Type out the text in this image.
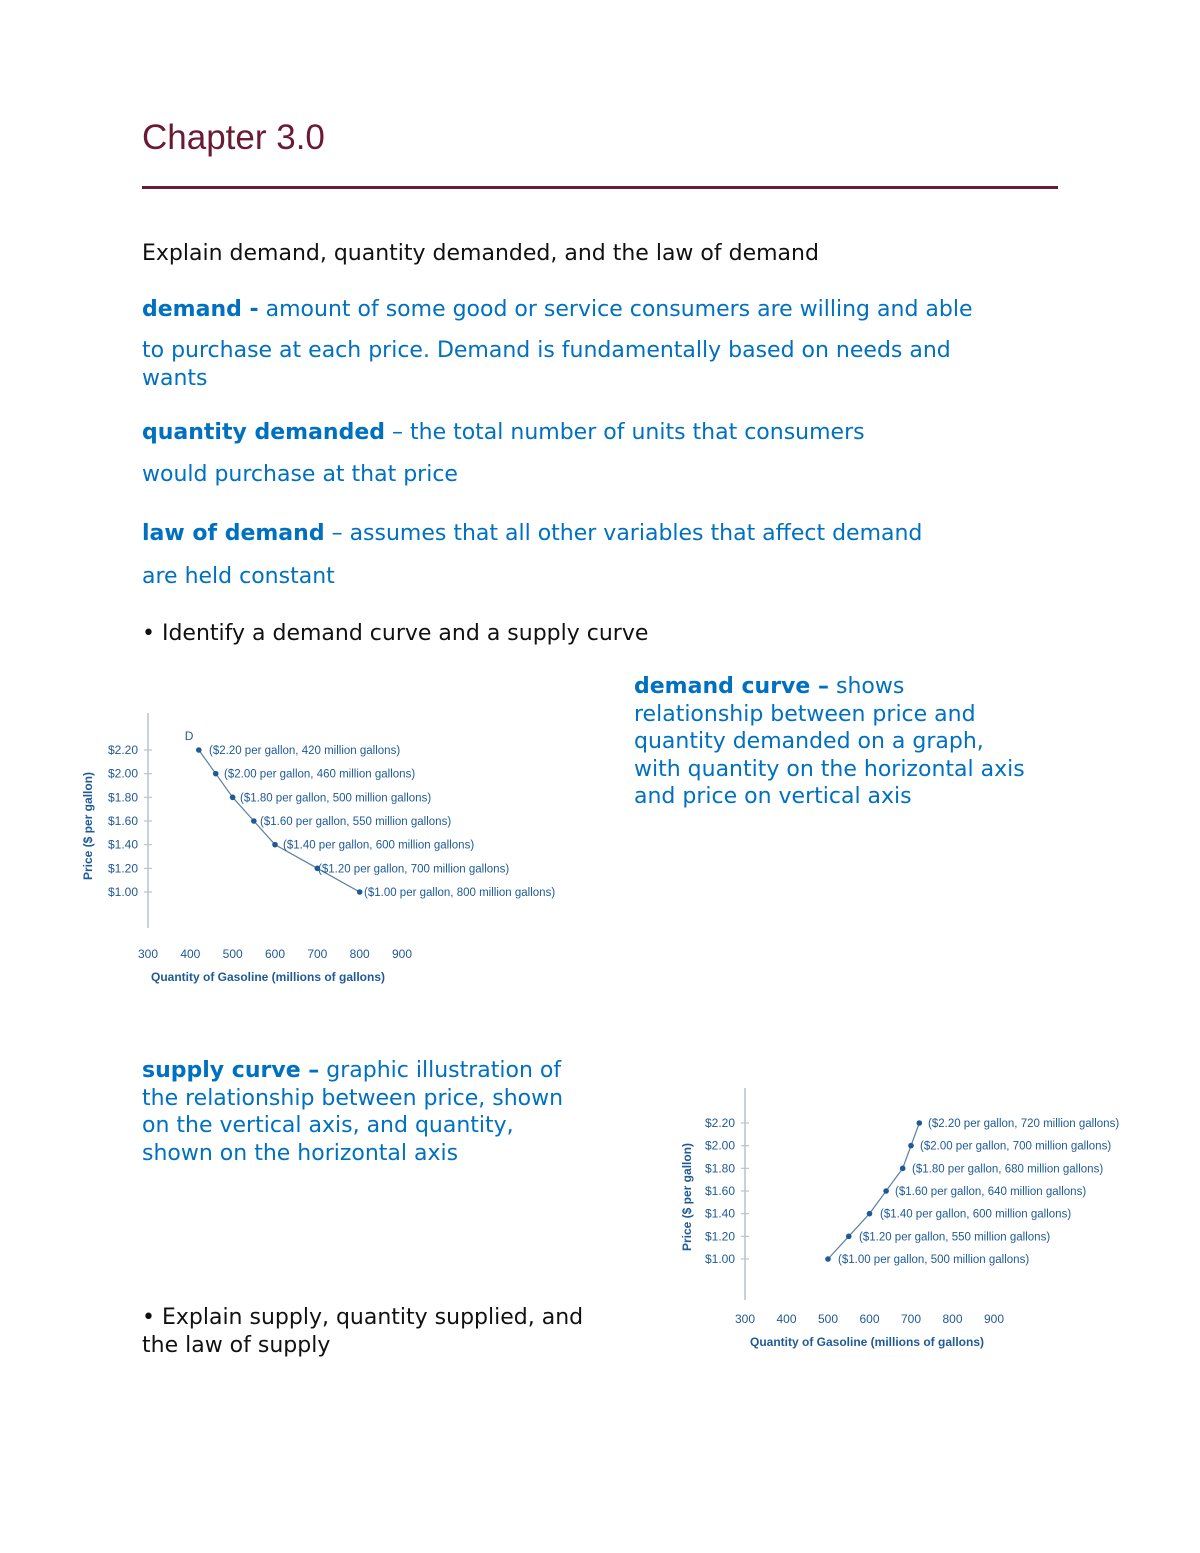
Chapter 3.0

Explain demand, quantity demanded, and the law of demand

demand - amount of some good or service consumers are willing and able
to purchase at each price. Demand is fundamentally based on needs and
wants

quantity demanded – the total number of units that consumers
would purchase at that price

law of demand – assumes that all other variables that affect demand
are held constant

• Identify a demand curve and a supply curve

demand curve – shows
relationship between price and
quantity demanded on a graph,
with quantity on the horizontal axis
and price on vertical axis

supply curve – graphic illustration of
the relationship between price, shown
on the vertical axis, and quantity,
shown on the horizontal axis

• Explain supply, quantity supplied, and
the law of supply

$2.20
$2.00
$1.80
$1.60
$1.40
$1.20
$1.00
300 400 500 600 700 800 900
Quantity of Gasoline (millions of gallons)
Price ($ per gallon)
($2.20 per gallon, 420 million gallons)
($2.00 per gallon, 460 million gallons)
($1.80 per gallon, 500 million gallons)
($1.60 per gallon, 550 million gallons)
($1.40 per gallon, 600 million gallons)
($1.20 per gallon, 700 million gallons)
($1.00 per gallon, 800 million gallons)
D
$2.20
$2.00
$1.80
$1.60
$1.40
$1.20
$1.00
300 400 500 600 700 800 900
Quantity of Gasoline (millions of gallons)
Price ($ per gallon)
($2.20 per gallon, 720 million gallons)
($2.00 per gallon, 700 million gallons)
($1.80 per gallon, 680 million gallons)
($1.60 per gallon, 640 million gallons)
($1.40 per gallon, 600 million gallons)
($1.20 per gallon, 550 million gallons)
($1.00 per gallon, 500 million gallons)
